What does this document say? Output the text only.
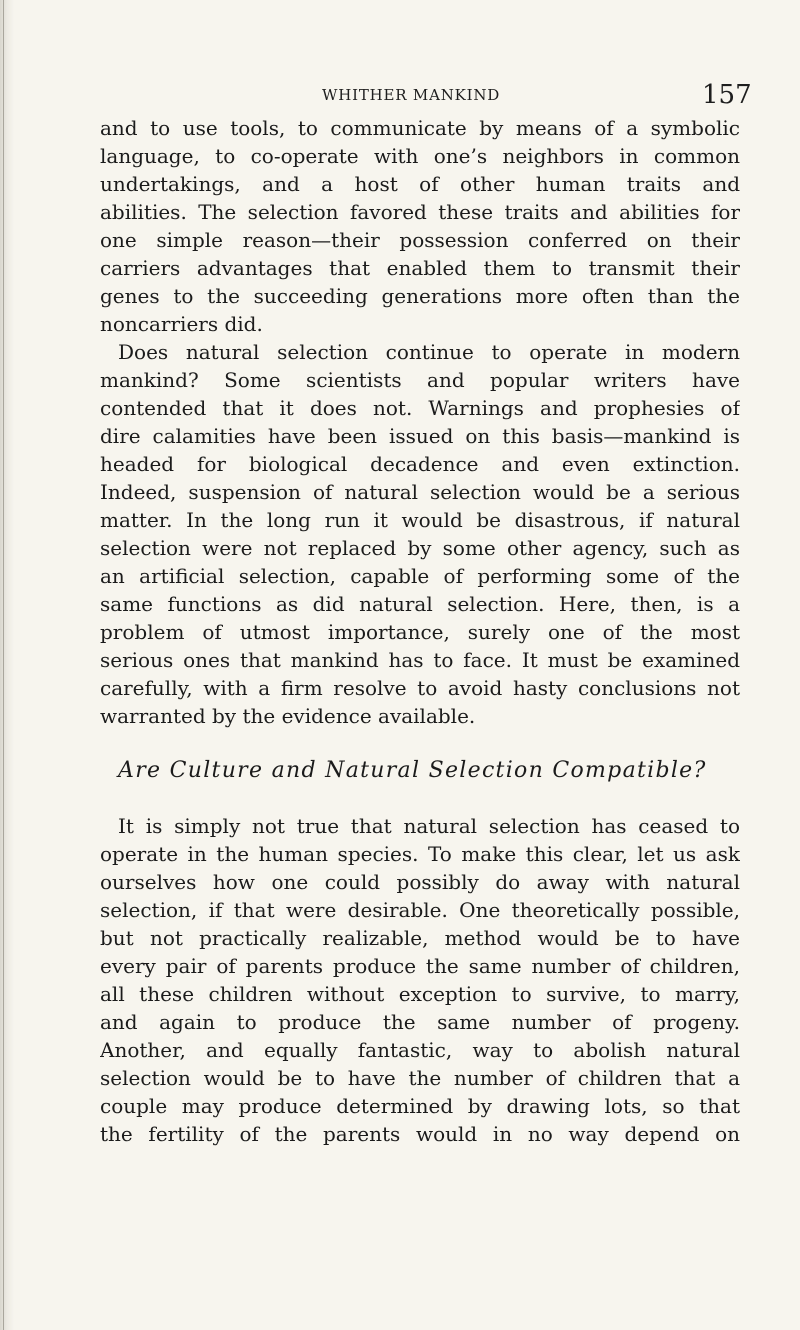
WHITHER MANKIND	157
and to use tools, to communicate by means of a symbolic
language, to co-operate with one’s neighbors in common
undertakings, and a host of other human traits and
abilities. The selection favored these traits and abilities for
one simple reason—their possession conferred on their
carriers advantages that enabled them to transmit their
genes to the succeeding generations more often than the
noncarriers did.
Does natural selection continue to operate in modern
mankind? Some scientists and popular writers have
contended that it does not. Warnings and prophesies of
dire calamities have been issued on this basis—mankind is
headed for biological decadence and even extinction.
Indeed, suspension of natural selection would be a serious
matter. In the long run it would be disastrous, if natural
selection were not replaced by some other agency, such as
an artificial selection, capable of performing some of the
same functions as did natural selection. Here, then, is a
problem of utmost importance, surely one of the most
serious ones that mankind has to face. It must be examined
carefully, with a firm resolve to avoid hasty conclusions not
warranted by the evidence available.
Are Culture and Natural Selection Compatible?
It is simply not true that natural selection has ceased to
operate in the human species. To make this clear, let us ask
ourselves how one could possibly do away with natural
selection, if that were desirable. One theoretically possible,
but not practically realizable, method would be to have
every pair of parents produce the same number of children,
all these children without exception to survive, to marry,
and again to produce the same number of progeny.
Another, and equally fantastic, way to abolish natural
selection would be to have the number of children that a
couple may produce determined by drawing lots, so that
the fertility of the parents would in no way depend on
